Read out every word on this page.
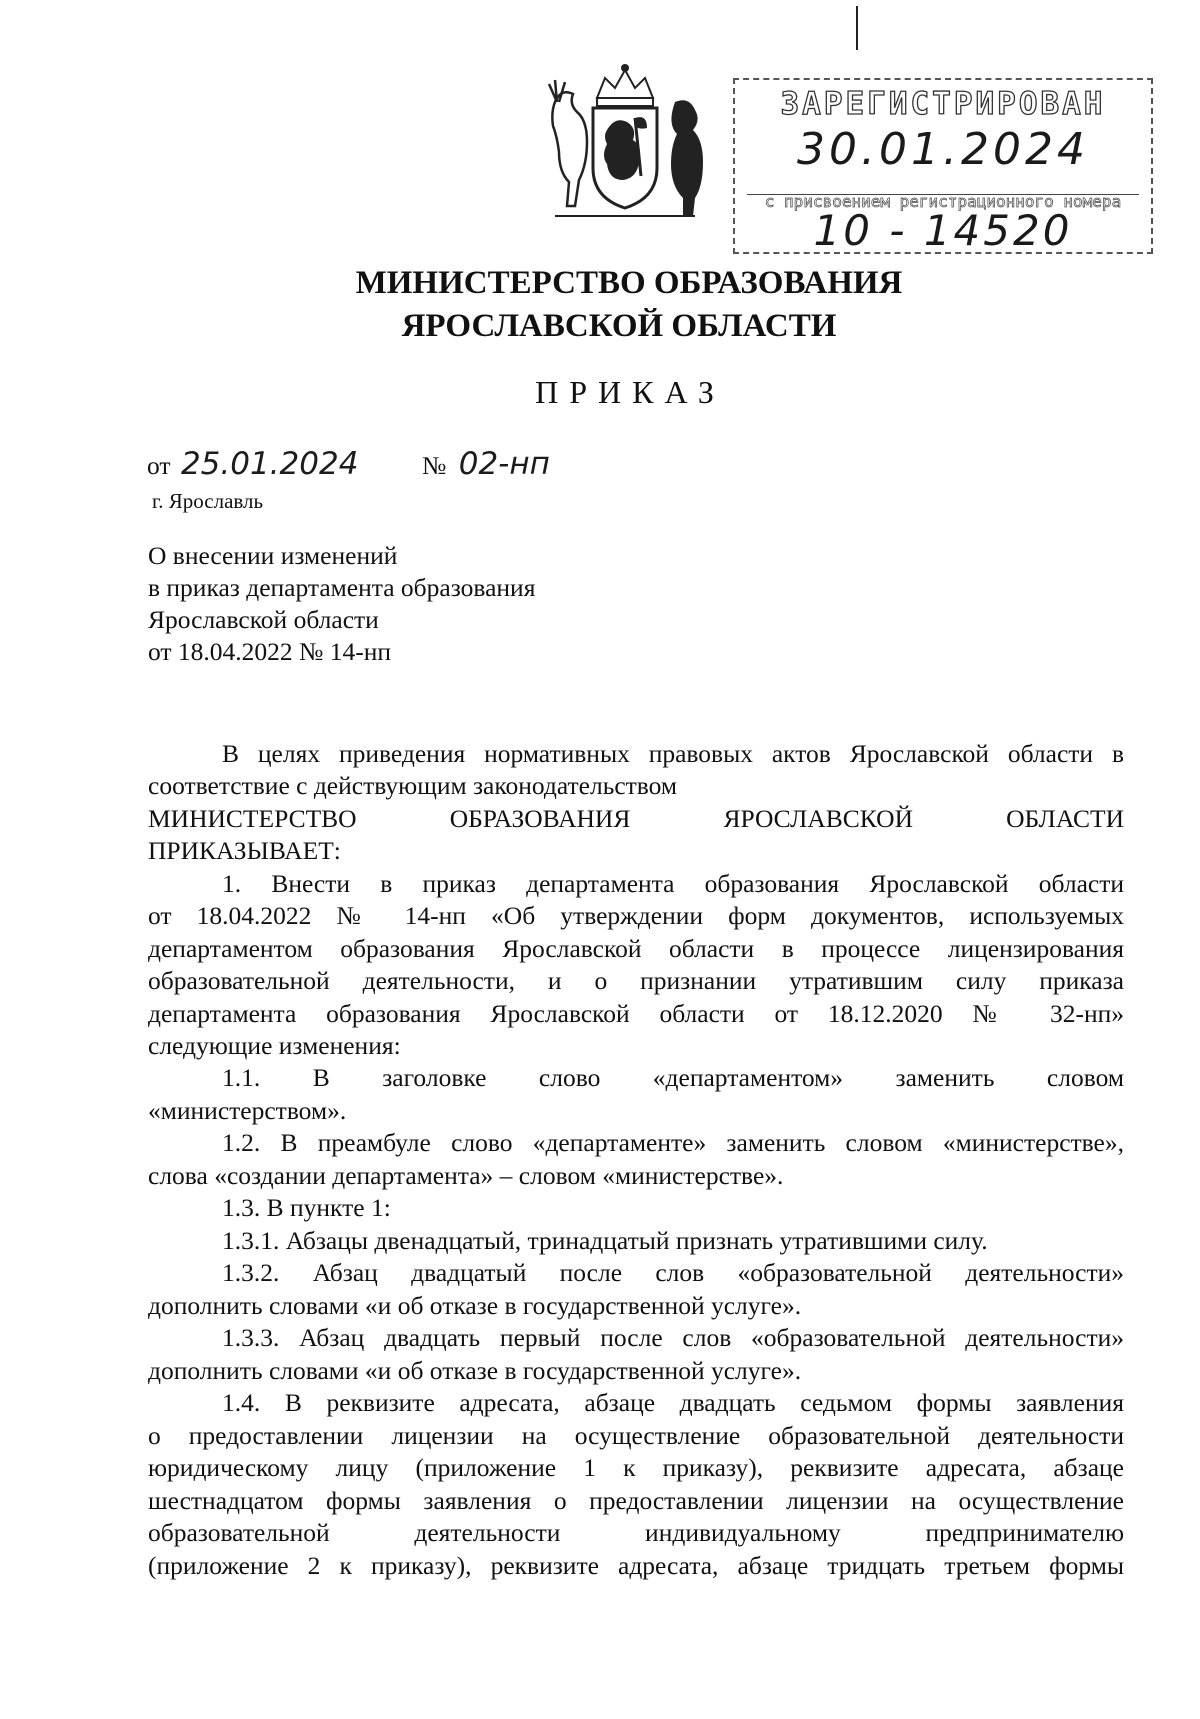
ЗАРЕГИСТРИРОВАН
30.01.2024
с присвоением регистрационного номера
10 - 14520
МИНИСТЕРСТВО ОБРАЗОВАНИЯ
ЯРОСЛАВСКОЙ ОБЛАСТИ
ПРИКАЗ
от 25.01.2024 № 02-нп
г. Ярославль
О внесении изменений
в приказ департамента образования
Ярославской области
от 18.04.2022 № 14-нп
В целях приведения нормативных правовых актов Ярославской области в
соответствие с действующим законодательством
МИНИСТЕРСТВО ОБРАЗОВАНИЯ ЯРОСЛАВСКОЙ ОБЛАСТИ
ПРИКАЗЫВАЕТ:
1. Внести в приказ департамента образования Ярославской области
от 18.04.2022 № 14-нп «Об утверждении форм документов, используемых
департаментом образования Ярославской области в процессе лицензирования
образовательной деятельности, и о признании утратившим силу приказа
департамента образования Ярославской области от 18.12.2020 № 32-нп»
следующие изменения:
1.1. В заголовке слово «департаментом» заменить словом
«министерством».
1.2. В преамбуле слово «департаменте» заменить словом «министерстве»,
слова «создании департамента» – словом «министерстве».
1.3. В пункте 1:
1.3.1. Абзацы двенадцатый, тринадцатый признать утратившими силу.
1.3.2. Абзац двадцатый после слов «образовательной деятельности»
дополнить словами «и об отказе в государственной услуге».
1.3.3. Абзац двадцать первый после слов «образовательной деятельности»
дополнить словами «и об отказе в государственной услуге».
1.4. В реквизите адресата, абзаце двадцать седьмом формы заявления
о предоставлении лицензии на осуществление образовательной деятельности
юридическому лицу (приложение 1 к приказу), реквизите адресата, абзаце
шестнадцатом формы заявления о предоставлении лицензии на осуществление
образовательной деятельности индивидуальному предпринимателю
(приложение 2 к приказу), реквизите адресата, абзаце тридцать третьем формы
